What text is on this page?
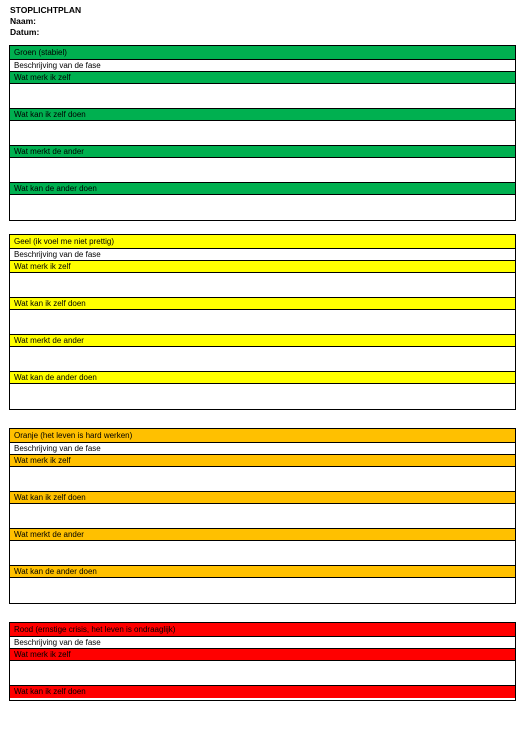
STOPLICHTPLAN
Naam:
Datum:
Groen (stabiel)
Beschrijving van de fase
Wat merk ik zelf
Wat kan ik zelf doen
Wat merkt de ander
Wat kan de ander doen
Geel (ik voel me niet prettig)
Beschrijving van de fase
Wat merk ik zelf
Wat kan ik zelf doen
Wat merkt de ander
Wat kan de ander doen
Oranje (het leven is hard werken)
Beschrijving van de fase
Wat merk ik zelf
Wat kan ik zelf doen
Wat merkt de ander
Wat kan de ander doen
Rood (ernstige crisis, het leven is ondraaglijk)
Beschrijving van de fase
Wat merk ik zelf
Wat kan ik zelf doen
